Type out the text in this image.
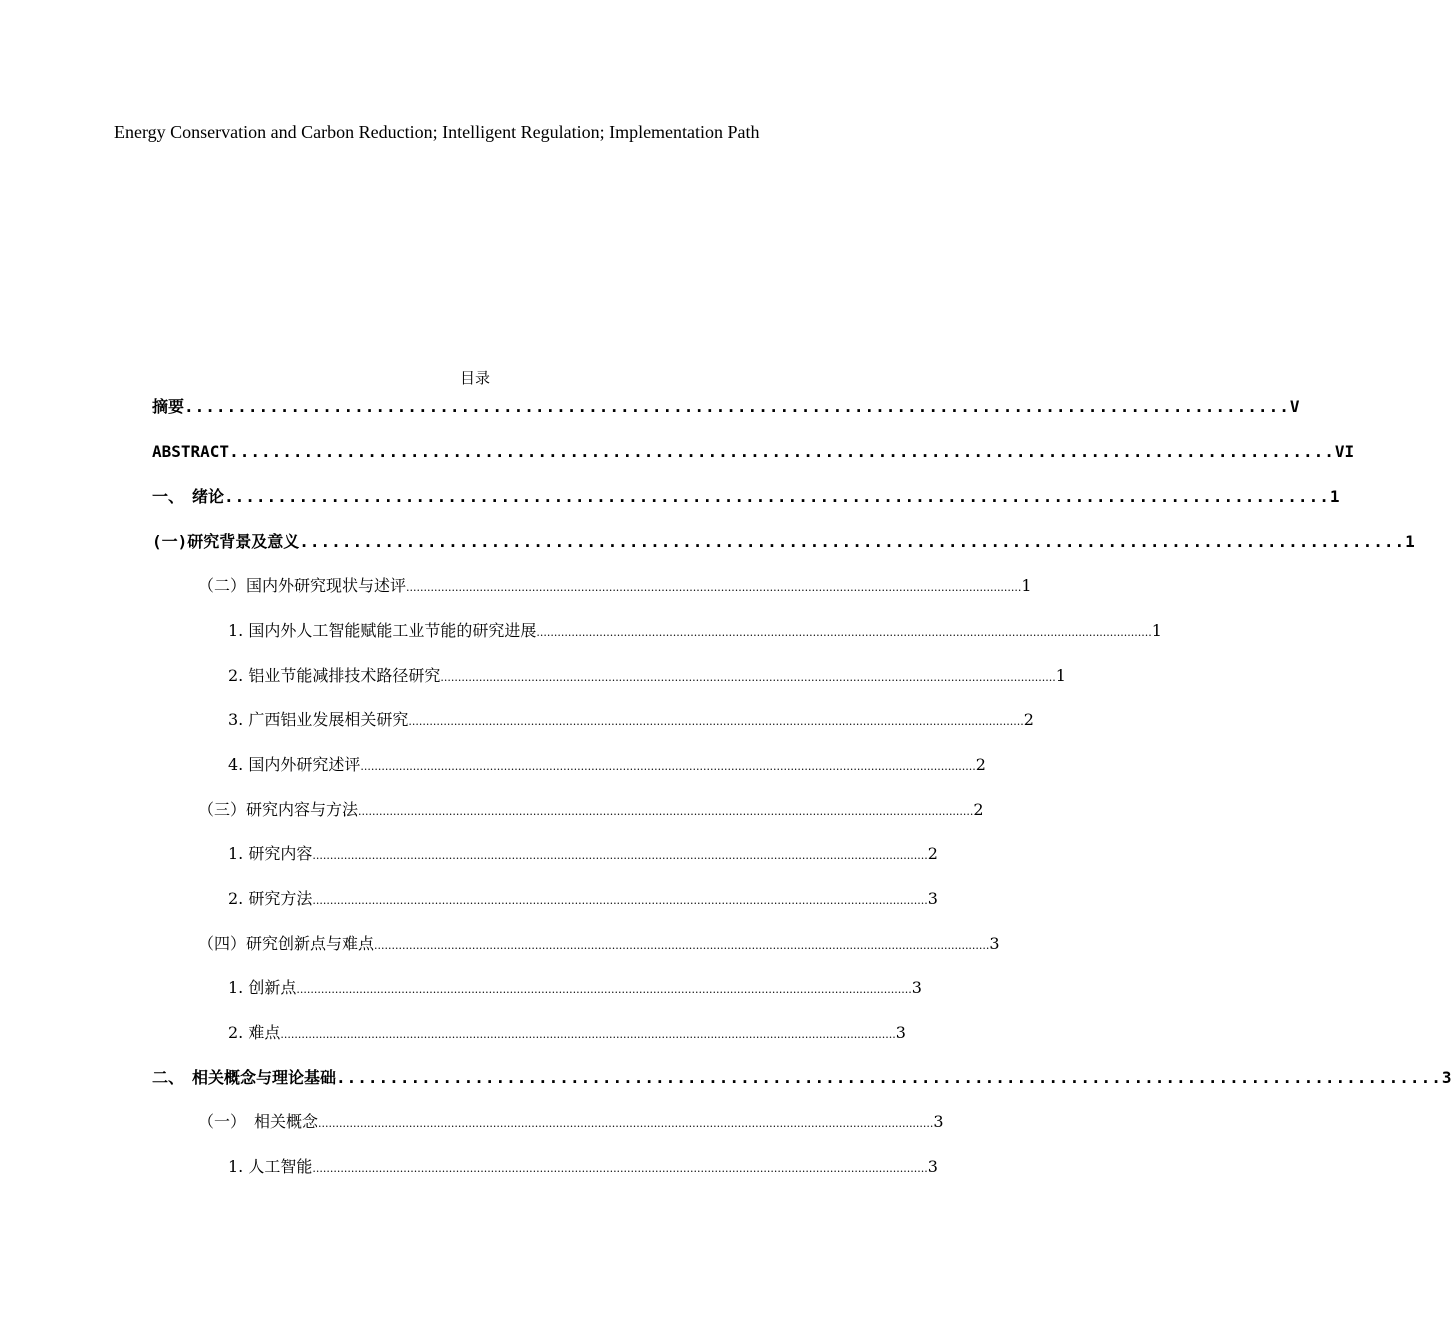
Energy Conservation and Carbon Reduction; Intelligent Regulation; Implementation Path
目录
摘要 ........................................................................................................ V
ABSTRACT ........................................................................................................ VI
一、　绪论 ........................................................................................................ 1
(一)研究背景及意义 ........................................................................................................ 1
（二）国内外研究现状与述评 ................................................................................................................................................................................ 1
1. 国内外人工智能赋能工业节能的研究进展 ................................................................................................................................................................................ 1
2. 铝业节能减排技术路径研究 ................................................................................................................................................................................ 1
3. 广西铝业发展相关研究 ................................................................................................................................................................................ 2
4. 国内外研究述评 ................................................................................................................................................................................ 2
（三）研究内容与方法 ................................................................................................................................................................................ 2
1. 研究内容 ................................................................................................................................................................................ 2
2. 研究方法 ................................................................................................................................................................................ 3
（四）研究创新点与难点 ................................................................................................................................................................................ 3
1. 创新点 ................................................................................................................................................................................ 3
2. 难点 ................................................................................................................................................................................ 3
二、　相关概念与理论基础 ........................................................................................................ 3
（一）　相关概念 ................................................................................................................................................................................ 3
1. 人工智能 ................................................................................................................................................................................ 3
